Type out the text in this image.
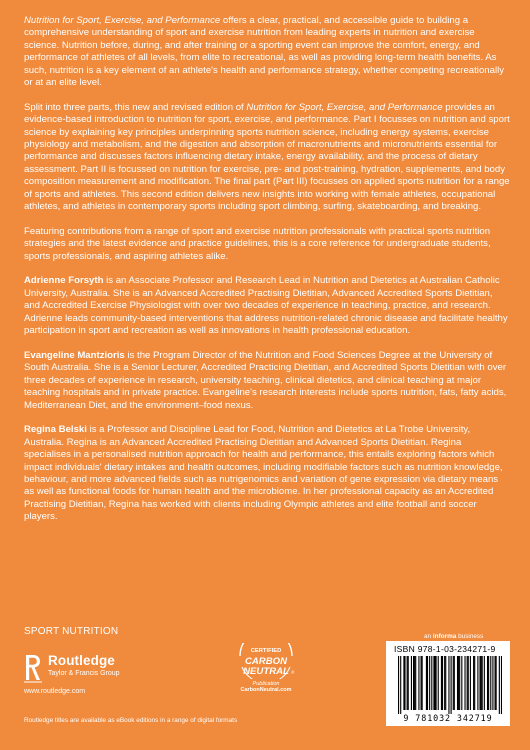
Nutrition for Sport, Exercise, and Performance offers a clear, practical, and accessible guide to building a comprehensive understanding of sport and exercise nutrition from leading experts in nutrition and exercise science. Nutrition before, during, and after training or a sporting event can improve the comfort, energy, and performance of athletes of all levels, from elite to recreational, as well as providing long-term health benefits. As such, nutrition is a key element of an athlete's health and performance strategy, whether competing recreationally or at an elite level.

Split into three parts, this new and revised edition of Nutrition for Sport, Exercise, and Performance provides an evidence-based introduction to nutrition for sport, exercise, and performance. Part I focusses on nutrition and sport science by explaining key principles underpinning sports nutrition science, including energy systems, exercise physiology and metabolism, and the digestion and absorption of macronutrients and micronutrients essential for performance and discusses factors influencing dietary intake, energy availability, and the process of dietary assessment. Part II is focussed on nutrition for exercise, pre- and post-training, hydration, supplements, and body composition measurement and modification. The final part (Part III) focusses on applied sports nutrition for a range of sports and athletes. This second edition delivers new insights into working with female athletes, occupational athletes, and athletes in contemporary sports including sport climbing, surfing, skateboarding, and breaking.

Featuring contributions from a range of sport and exercise nutrition professionals with practical sports nutrition strategies and the latest evidence and practice guidelines, this is a core reference for undergraduate students, sports professionals, and aspiring athletes alike.

Adrienne Forsyth is an Associate Professor and Research Lead in Nutrition and Dietetics at Australian Catholic University, Australia. She is an Advanced Accredited Practising Dietitian, Advanced Accredited Sports Dietitian, and Accredited Exercise Physiologist with over two decades of experience in teaching, practice, and research. Adrienne leads community-based interventions that address nutrition-related chronic disease and facilitate healthy participation in sport and recreation as well as innovations in health professional education.

Evangeline Mantzioris is the Program Director of the Nutrition and Food Sciences Degree at the University of South Australia. She is a Senior Lecturer, Accredited Practicing Dietitian, and Accredited Sports Dietitian with over three decades of experience in research, university teaching, clinical dietetics, and clinical teaching at major teaching hospitals and in private practice. Evangeline's research interests include sports nutrition, fats, fatty acids, Mediterranean Diet, and the environment–food nexus.

Regina Belski is a Professor and Discipline Lead for Food, Nutrition and Dietetics at La Trobe University, Australia. Regina is an Advanced Accredited Practising Dietitian and Advanced Sports Dietitian. Regina specialises in a personalised nutrition approach for health and performance, this entails exploring factors which impact individuals' dietary intakes and health outcomes, including modifiable factors such as nutrition knowledge, behaviour, and more advanced fields such as nutrigenomics and variation of gene expression via dietary means as well as functional foods for human health and the microbiome. In her professional capacity as an Accredited Practising Dietitian, Regina has worked with clients including Olympic athletes and elite football and soccer players.

SPORT NUTRITION
Routledge
Taylor & Francis Group
www.routledge.com
Routledge titles are available as eBook editions in a range of digital formats
CERTIFIED
CARBON
NEUTRAL ®
Publication
CarbonNeutral.com
an informa business
ISBN 978-1-03-234271-9
9 781032 342719
